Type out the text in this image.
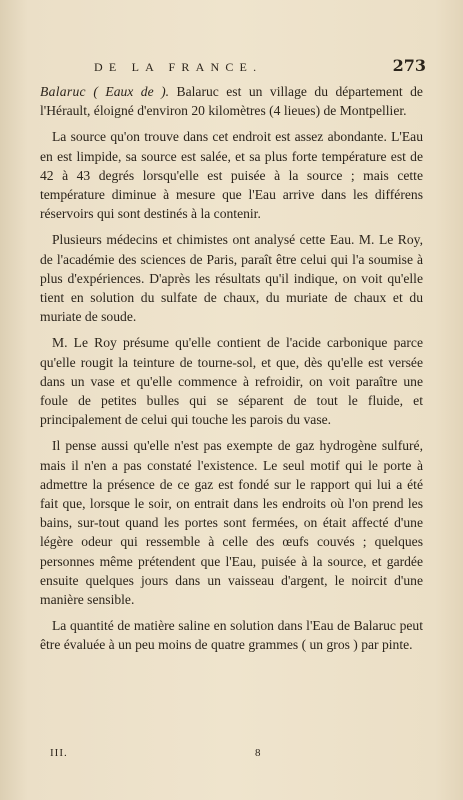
DE LA FRANCE.	273

Balaruc ( Eaux de ). Balaruc est un village du département de l'Hérault, éloigné d'environ 20 kilomètres (4 lieues) de Montpellier.

La source qu'on trouve dans cet endroit est assez abondante. L'Eau en est limpide, sa source est salée, et sa plus forte température est de 42 à 43 degrés lorsqu'elle est puisée à la source ; mais cette température diminue à mesure que l'Eau arrive dans les différens réservoirs qui sont destinés à la contenir.

Plusieurs médecins et chimistes ont analysé cette Eau. M. Le Roy, de l'académie des sciences de Paris, paraît être celui qui l'a soumise à plus d'expériences. D'après les résultats qu'il indique, on voit qu'elle tient en solution du sulfate de chaux, du muriate de chaux et du muriate de soude.

M. Le Roy présume qu'elle contient de l'acide carbonique parce qu'elle rougit la teinture de tourne-sol, et que, dès qu'elle est versée dans un vase et qu'elle commence à refroidir, on voit paraître une foule de petites bulles qui se séparent de tout le fluide, et principalement de celui qui touche les parois du vase.

Il pense aussi qu'elle n'est pas exempte de gaz hydrogène sulfuré, mais il n'en a pas constaté l'existence. Le seul motif qui le porte à admettre la présence de ce gaz est fondé sur le rapport qui lui a été fait que, lorsque le soir, on entrait dans les endroits où l'on prend les bains, sur-tout quand les portes sont fermées, on était affecté d'une légère odeur qui ressemble à celle des œufs couvés ; quelques personnes même prétendent que l'Eau, puisée à la source, et gardée ensuite quelques jours dans un vaisseau d'argent, le noircit d'une manière sensible.

La quantité de matière saline en solution dans l'Eau de Balaruc peut être évaluée à un peu moins de quatre grammes ( un gros ) par pinte.

III.	8
